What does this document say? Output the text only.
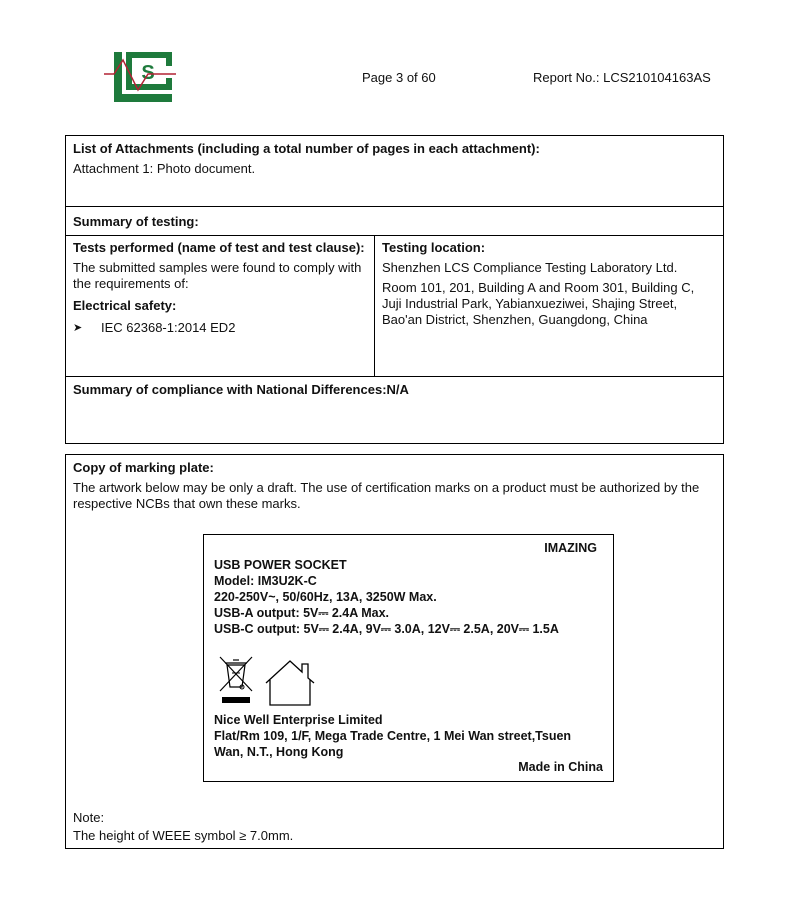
S	Page 3 of 60	Report No.: LCS210104163AS

List of Attachments (including a total number of pages in each attachment):

Attachment 1: Photo document.

Summary of testing:

Tests performed (name of test and test clause):

The submitted samples were found to comply with the requirements of:

Electrical safety:

➤	IEC 62368-1:2014 ED2

Testing location:

Shenzhen LCS Compliance Testing Laboratory Ltd.

Room 101, 201, Building A and Room 301, Building C, Juji Industrial Park, Yabianxueziwei, Shajing Street, Bao'an District, Shenzhen, Guangdong, China

Summary of compliance with National Differences:N/A

Copy of marking plate:

The artwork below may be only a draft. The use of certification marks on a product must be authorized by the respective NCBs that own these marks.

IMAZING
USB POWER SOCKET
Model: IM3U2K-C
220-250V~, 50/60Hz, 13A, 3250W Max.
USB-A output: 5V⎓ 2.4A Max.
USB-C output: 5V⎓ 2.4A, 9V⎓ 3.0A, 12V⎓ 2.5A, 20V⎓ 1.5A
Nice Well Enterprise Limited
Flat/Rm 109, 1/F, Mega Trade Centre, 1 Mei Wan street,Tsuen
Wan, N.T., Hong Kong
Made in China
Note:
The height of WEEE symbol ≥ 7.0mm.
